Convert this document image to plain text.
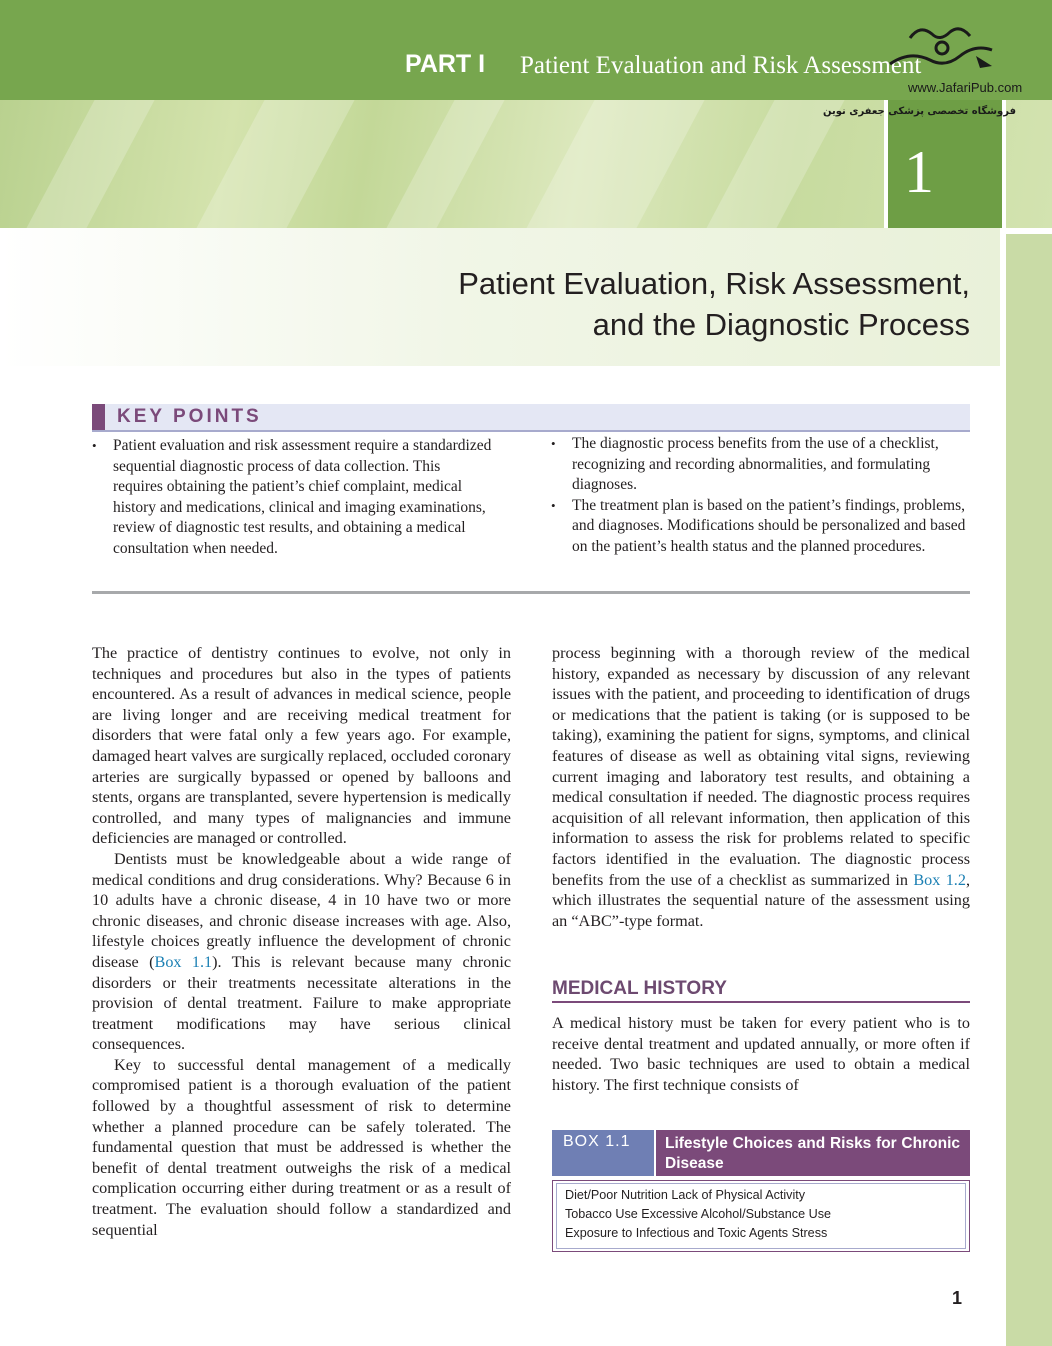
PART I Patient Evaluation and Risk Assessment
1
www.JafariPub.com
فروشگاه تخصصی پزشکی جعفری نوین
Patient Evaluation, Risk Assessment,
and the Diagnostic Process
KEY POINTS
• Patient evaluation and risk assessment require a standardized sequential diagnostic process of data collection. This requires obtaining the patient’s chief complaint, medical history and medications, clinical and imaging examinations, review of diagnostic test results, and obtaining a medical consultation when needed.
• The diagnostic process benefits from the use of a checklist, recognizing and recording abnormalities, and formulating diagnoses.
• The treatment plan is based on the patient’s findings, problems, and diagnoses. Modifications should be personalized and based on the patient’s health status and the planned procedures.

The practice of dentistry continues to evolve, not only in techniques and procedures but also in the types of patients encountered. As a result of advances in medical science, people are living longer and are receiving medical treatment for disorders that were fatal only a few years ago. For example, damaged heart valves are surgically replaced, occluded coronary arteries are surgically bypassed or opened by balloons and stents, organs are transplanted, severe hypertension is medically controlled, and many types of malignancies and immune deficiencies are managed or controlled.

Dentists must be knowledgeable about a wide range of medical conditions and drug considerations. Why? Because 6 in 10 adults have a chronic disease, 4 in 10 have two or more chronic diseases, and chronic disease increases with age. Also, lifestyle choices greatly influence the development of chronic disease (Box 1.1). This is relevant because many chronic disorders or their treatments necessitate alterations in the provision of dental treatment. Failure to make appropriate treatment modifications may have serious clinical consequences.

Key to successful dental management of a medically compromised patient is a thorough evaluation of the patient followed by a thoughtful assessment of risk to determine whether a planned procedure can be safely tolerated. The fundamental question that must be addressed is whether the benefit of dental treatment outweighs the risk of a medical complication occurring either during treatment or as a result of treatment. The evaluation should follow a standardized and sequential

process beginning with a thorough review of the medical history, expanded as necessary by discussion of any relevant issues with the patient, and proceeding to identification of drugs or medications that the patient is taking (or is supposed to be taking), examining the patient for signs, symptoms, and clinical features of disease as well as obtaining vital signs, reviewing current imaging and laboratory test results, and obtaining a medical consultation if needed. The diagnostic process requires acquisition of all relevant information, then application of this information to assess the risk for problems related to specific factors identified in the evaluation. The diagnostic process benefits from the use of a checklist as summarized in Box 1.2, which illustrates the sequential nature of the assessment using an “ABC”-type format.

MEDICAL HISTORY

A medical history must be taken for every patient who is to receive dental treatment and updated annually, or more often if needed. Two basic techniques are used to obtain a medical history. The first technique consists of

BOX 1.1 Lifestyle Choices and Risks for Chronic Disease
Diet/Poor Nutrition Lack of Physical Activity
Tobacco Use Excessive Alcohol/Substance Use
Exposure to Infectious and Toxic Agents Stress
1
